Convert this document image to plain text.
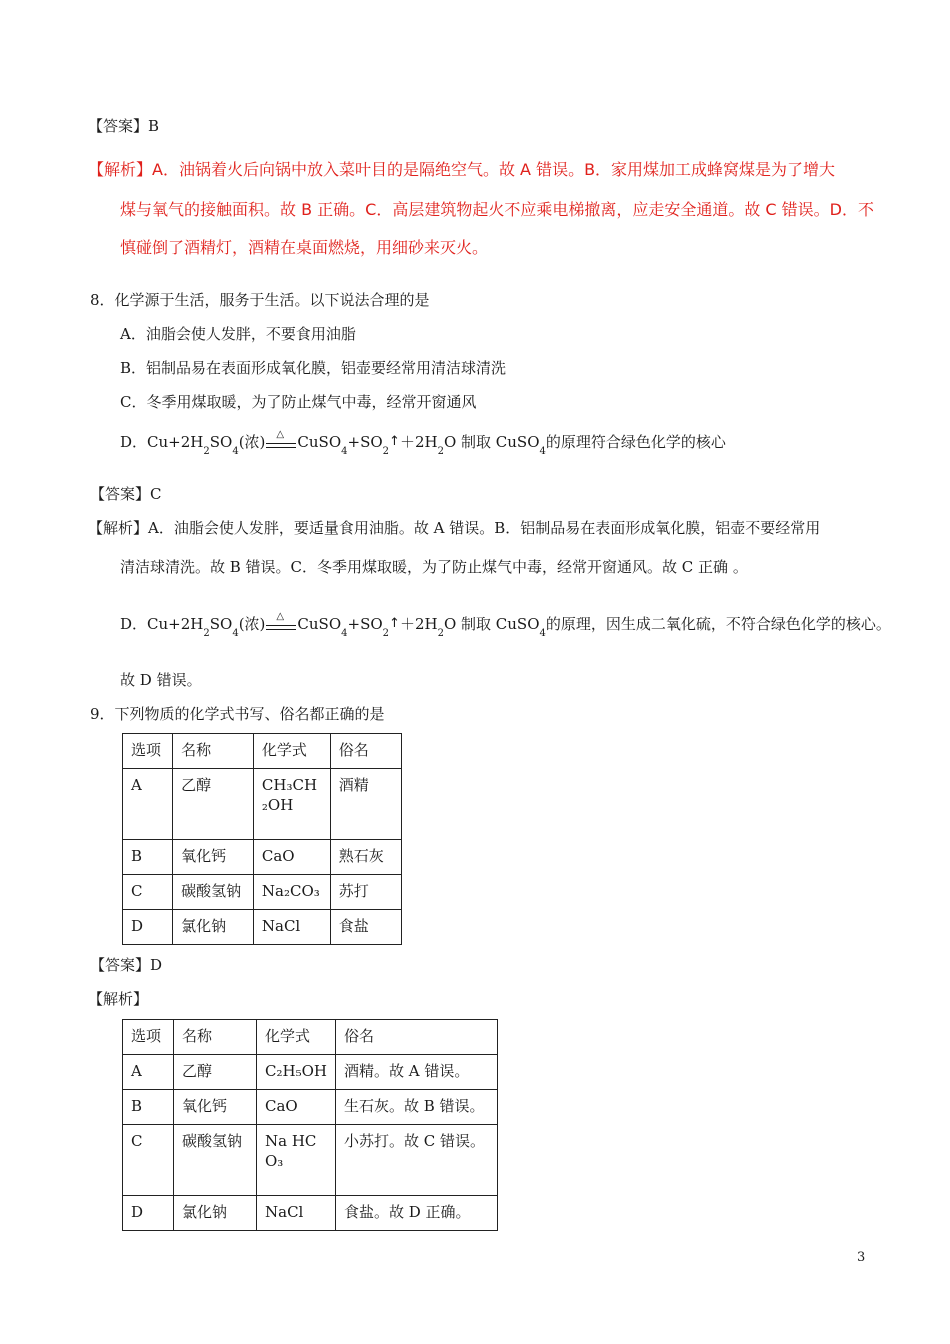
【答案】B
【解析】A．油锅着火后向锅中放入菜叶目的是隔绝空气。故 A 错误。B．家用煤加工成蜂窝煤是为了增大
煤与氧气的接触面积。故 B 正确。C．高层建筑物起火不应乘电梯撤离，应走安全通道。故 C 错误。D．不
慎碰倒了酒精灯，酒精在桌面燃烧，用细砂来灭火。
8．化学源于生活，服务于生活。以下说法合理的是
A．油脂会使人发胖，不要食用油脂
B．铝制品易在表面形成氧化膜，铝壶要经常用清洁球清洗
C．冬季用煤取暖，为了防止煤气中毒，经常开窗通风
D．Cu+2H
2
SO
4
(浓) △ CuSO
4
+SO
2
↑ ＋2H
2
O 制取 CuSO
4
的原理符合绿色化学的核心
【答案】C
【解析】A．油脂会使人发胖，要适量食用油脂。故 A 错误。B．铝制品易在表面形成氧化膜，铝壶不要经常用
清洁球清洗。故 B 错误。C．冬季用煤取暖，为了防止煤气中毒，经常开窗通风。故 C 正确 。
D．Cu+2H
2
SO
4
(浓) △ CuSO
4
+SO
2
↑ ＋2H
2
O 制取 CuSO
4
的原理，因生成二氧化硫，不符合绿色化学的核心。
故 D 错误。
9．下列物质的化学式书写、俗名都正确的是
选项	名称	化学式	俗名
A	乙醇	CH₃CH₂OH	酒精
B	氧化钙	CaO	熟石灰
C	碳酸氢钠	Na₂CO₃	苏打
D	氯化钠	NaCl	食盐
【答案】D
【解析】
选项	名称	化学式	俗名
A	乙醇	C₂H₅OH	酒精。故 A 错误。
B	氧化钙	CaO	生石灰。故 B 错误。
C	碳酸氢钠	Na HCO₃	小苏打。故 C 错误。
D	氯化钠	NaCl	食盐。故 D 正确。
3
